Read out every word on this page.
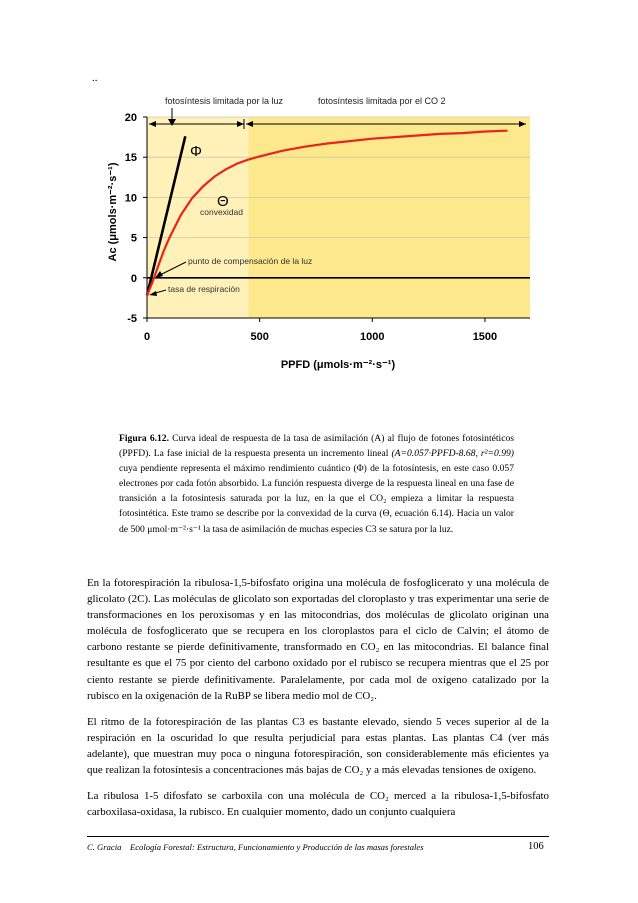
..
-5
0
5
10
15
20
0	500	1000	1500
PPFD (μmols·m⁻²·s⁻¹)
Ac (μmols·m⁻²·s⁻¹)
fotosíntesis limitada por la luz	fotosíntesis limitada por el CO 2
Φ
Θ
convexidad
punto de compensación de la luz
tasa de respiración
Figura 6.12. Curva ideal de respuesta de la tasa de asimilación (A) al flujo de fotones fotosintéticos (PPFD). La fase inicial de la respuesta presenta un incremento lineal (A=0.057·PPFD-8.68, r²=0.99) cuya pendiente representa el máximo rendimiento cuántico (Φ) de la fotosíntesis, en este caso 0.057 electrones por cada fotón absorbido. La función respuesta diverge de la respuesta lineal en una fase de transición a la fotosíntesis saturada por la luz, en la que el CO₂ empieza a limitar la respuesta fotosintética. Este tramo se describe por la convexidad de la curva (Θ, ecuación 6.14). Hacia un valor de 500 μmol·m⁻²·s⁻¹ la tasa de asimilación de muchas especies C3 se satura por la luz.

En la fotorespiración la ribulosa-1,5-bifosfato origina una molécula de fosfoglicerato y una molécula de glicolato (2C). Las moléculas de glicolato son exportadas del cloroplasto y tras experimentar una serie de transformaciones en los peroxisomas y en las mitocondrias, dos moléculas de glicolato originan una molécula de fosfoglicerato que se recupera en los cloroplastos para el ciclo de Calvin; el átomo de carbono restante se pierde definitivamente, transformado en CO₂ en las mitocondrias. El balance final resultante es que el 75 por ciento del carbono oxidado por el rubisco se recupera mientras que el 25 por ciento restante se pierde definitivamente. Paralelamente, por cada mol de oxígeno catalizado por la rubisco en la oxigenación de la RuBP se libera medio mol de CO₂.

El ritmo de la fotorespiración de las plantas C3 es bastante elevado, siendo 5 veces superior al de la respiración en la oscuridad lo que resulta perjudicial para estas plantas. Las plantas C4 (ver más adelante), que muestran muy poca o ninguna fotorespiración, son considerablemente más eficientes ya que realizan la fotosíntesis a concentraciones más bajas de CO₂ y a más elevadas tensiones de oxígeno.

La ribulosa 1-5 difosfato se carboxila con una molécula de CO₂ merced a la ribulosa-1,5-bifosfato carboxilasa-oxidasa, la rubisco. En cualquier momento, dado un conjunto cualquiera

C. Gracia Ecología Forestal: Estructura, Funcionamiento y Producción de las masas forestales	106
